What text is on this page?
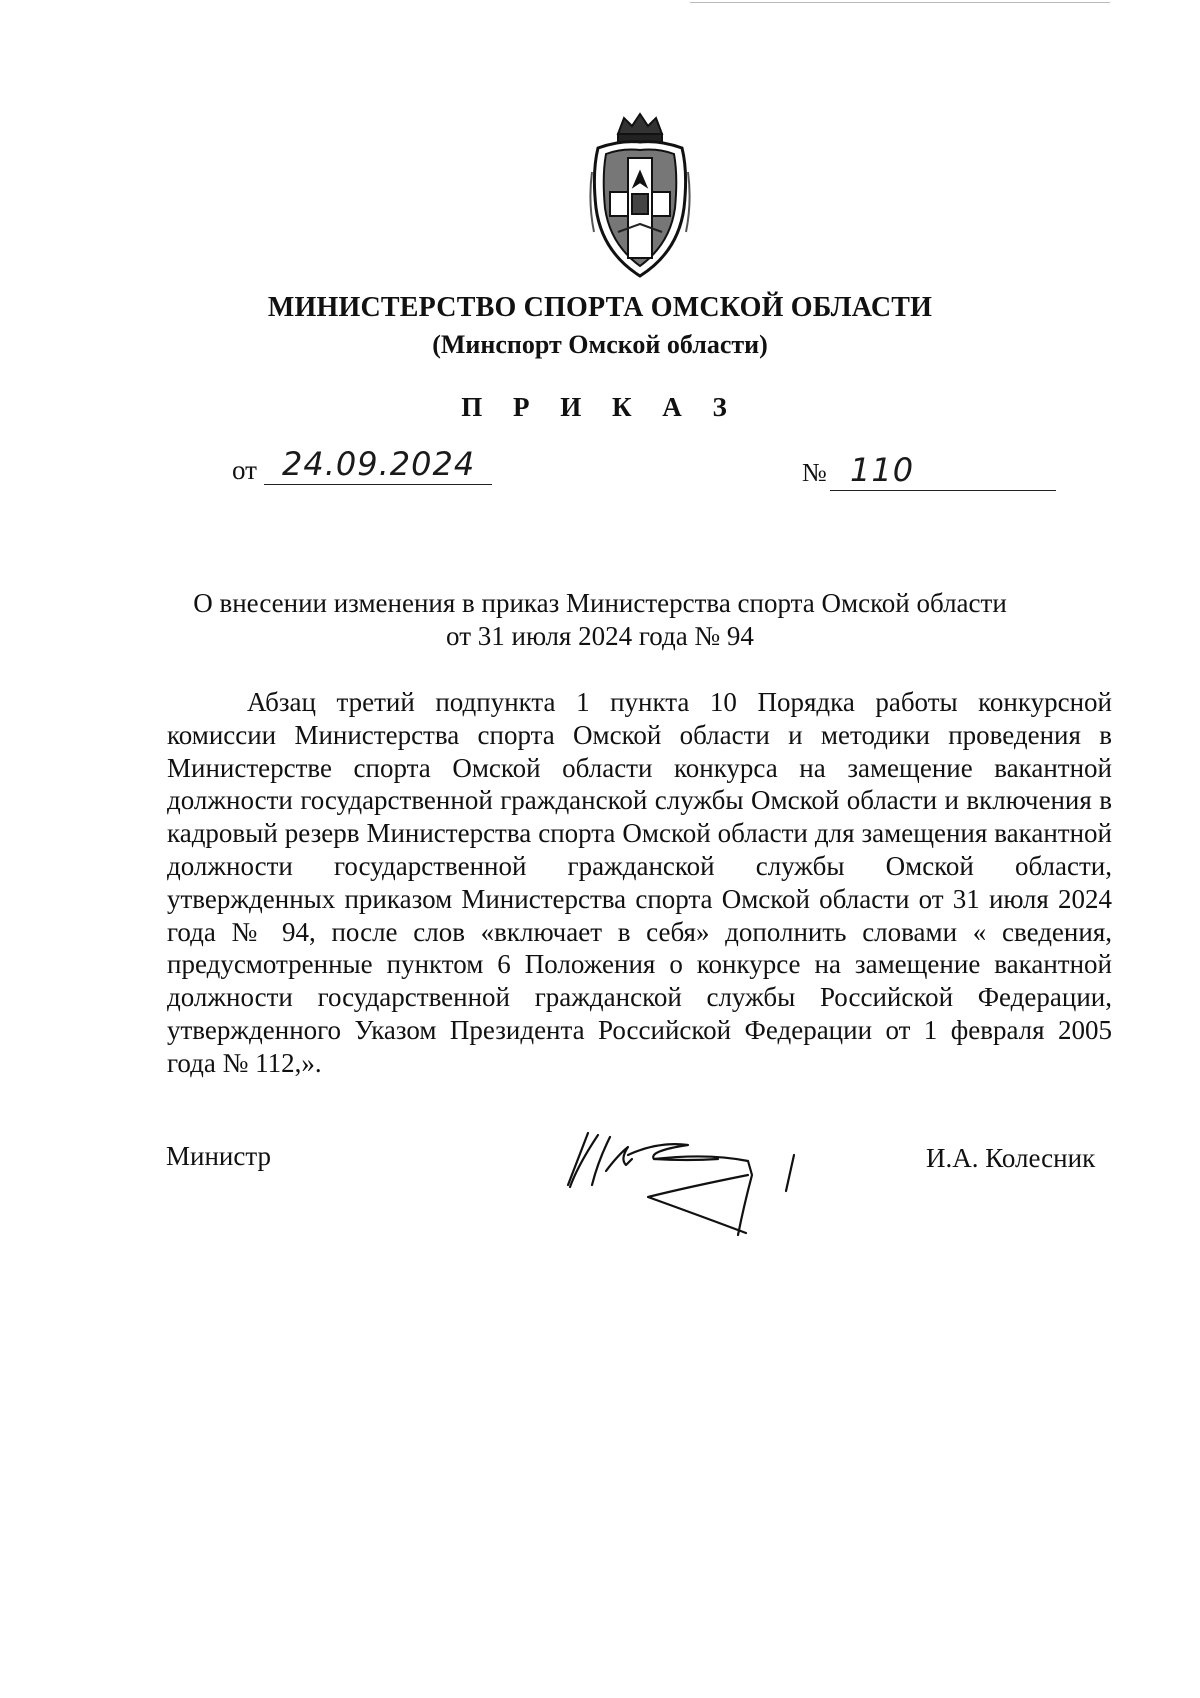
МИНИСТЕРСТВО СПОРТА ОМСКОЙ ОБЛАСТИ
(Минспорт Омской области)
П Р И К А З
от 24.09.2024	№ 110
О внесении изменения в приказ Министерства спорта Омской области
от 31 июля 2024 года № 94
Абзац третий подпункта 1 пункта 10 Порядка работы конкурсной комиссии Министерства спорта Омской области и методики проведения в Министерстве спорта Омской области конкурса на замещение вакантной должности государственной гражданской службы Омской области и включения в кадровый резерв Министерства спорта Омской области для замещения вакантной должности государственной гражданской службы Омской области, утвержденных приказом Министерства спорта Омской области от 31 июля 2024 года № 94, после слов «включает в себя» дополнить словами « сведения, предусмотренные пунктом 6 Положения о конкурсе на замещение вакантной должности государственной гражданской службы Российской Федерации, утвержденного Указом Президента Российской Федерации от 1 февраля 2005 года № 112,».
Министр	И.А. Колесник
